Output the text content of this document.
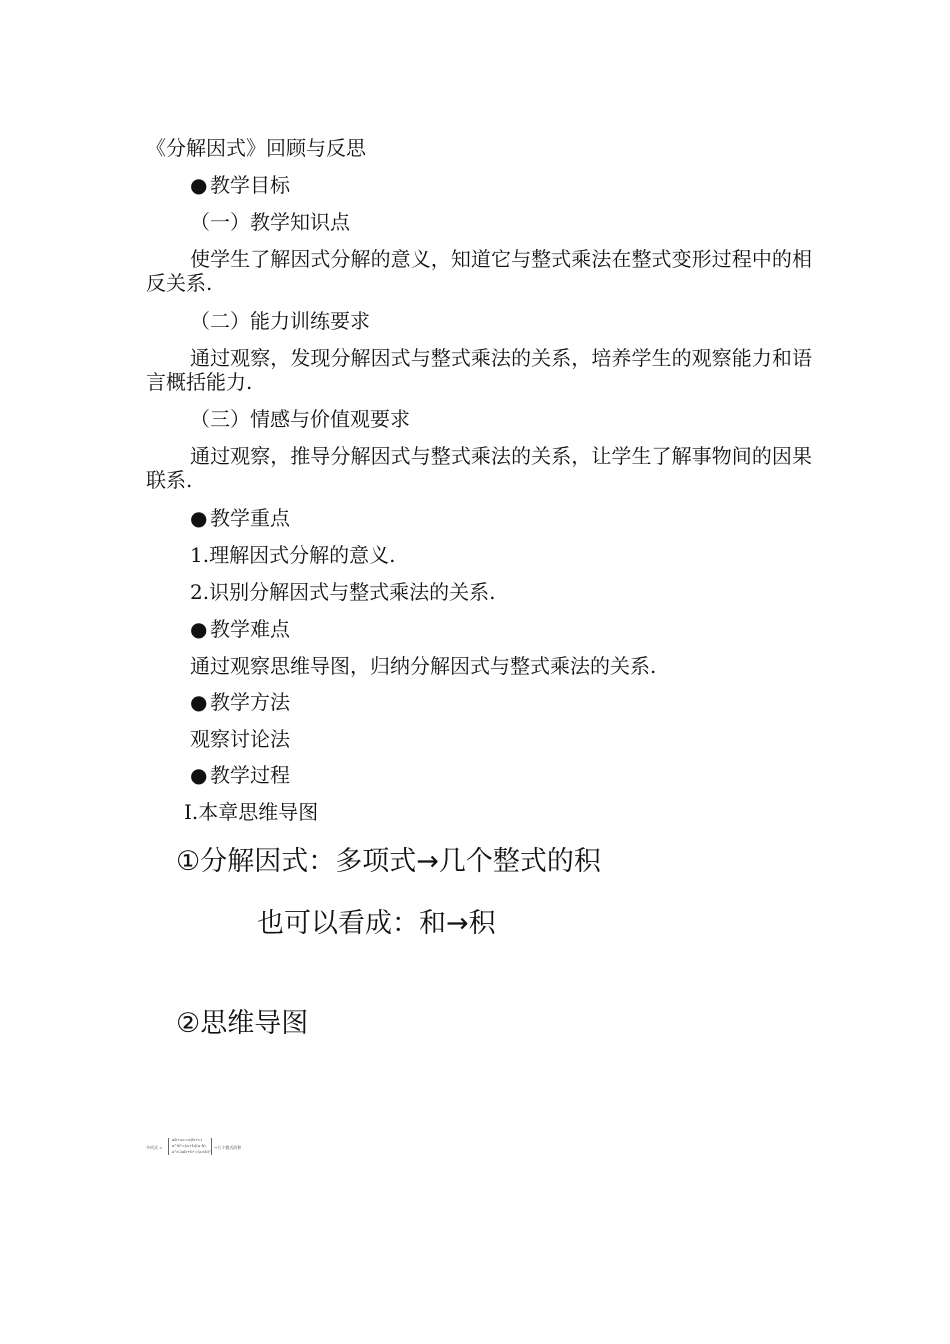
《分解因式》回顾与反思
● 教学目标
（一）教学知识点
使学生了解因式分解的意义，知道它与整式乘法在整式变形过程中的相反关系.
（二）能力训练要求
通过观察，发现分解因式与整式乘法的关系，培养学生的观察能力和语言概括能力.
（三）情感与价值观要求
通过观察，推导分解因式与整式乘法的关系，让学生了解事物间的因果联系.
● 教学重点
1.理解因式分解的意义.
2.识别分解因式与整式乘法的关系.
● 教学难点
通过观察思维导图，归纳分解因式与整式乘法的关系.
● 教学方法
观察讨论法
● 教学过程
Ⅰ.本章思维导图
①分解因式：多项式→几个整式的积
也可以看成：和→积
②思维导图
多项式 =
ab+ac=a(b+c)
a²-b²=(a+b)(a-b)
a²±2ab+b²=(a±b)²
→几个整式的积
